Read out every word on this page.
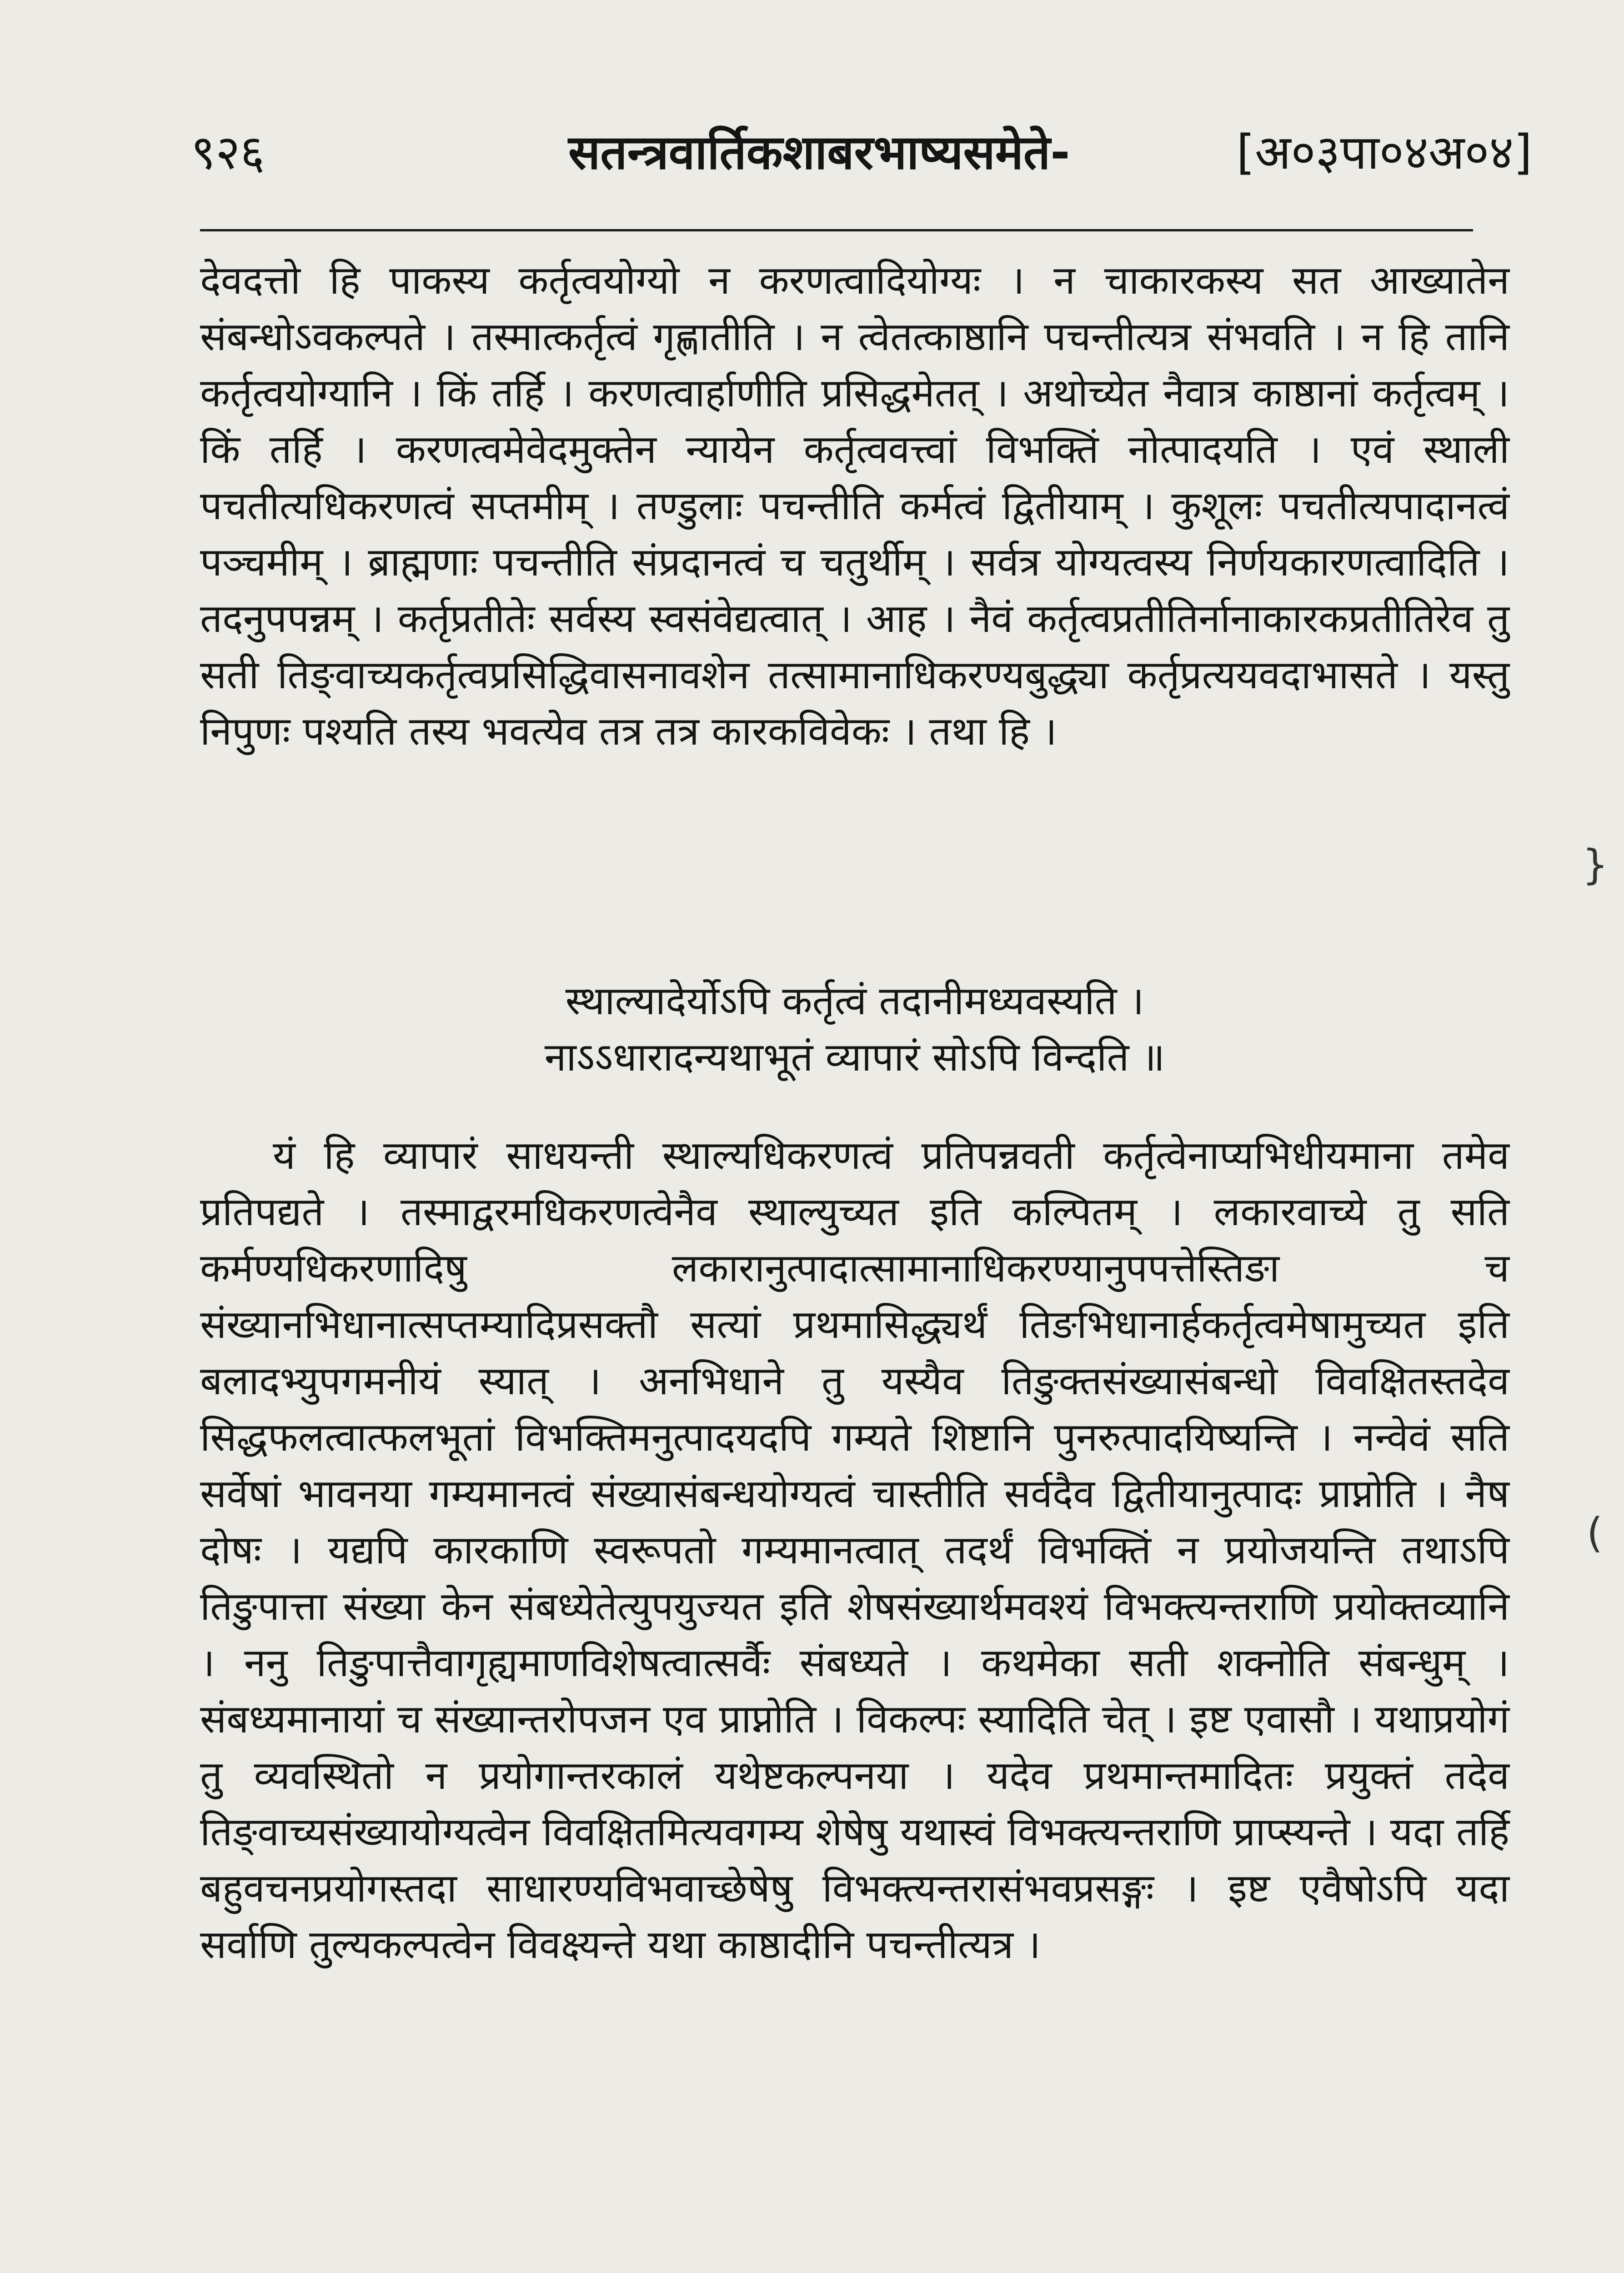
९२६	सतन्त्रवार्तिकशाबरभाष्यसमेते-	[अ०३पा०४अ०४]
देवदत्तो हि पाकस्य कर्तृत्वयोग्यो न करणत्वादियोग्यः । न चाकारकस्य सत आख्यातेन संबन्धोऽवकल्पते । तस्मात्कर्तृत्वं गृह्णातीति । न त्वेतत्काष्ठानि पचन्तीत्यत्र संभवति । न हि तानि कर्तृत्वयोग्यानि । किं तर्हि । करणत्वार्हाणीति प्रसिद्धमेतत् । अथोच्येत नैवात्र काष्ठानां कर्तृत्वम् । किं तर्हि । करणत्वमेवेदमुक्तेन न्यायेन कर्तृत्ववत्त्वां विभक्तिं नोत्पादयति । एवं स्थाली पचतीत्यधिकरणत्वं सप्तमीम् । तण्डुलाः पचन्तीति कर्मत्वं द्वितीयाम् । कुशूलः पचतीत्यपादानत्वं पञ्चमीम् । ब्राह्मणाः पचन्तीति संप्रदानत्वं च चतुर्थीम् । सर्वत्र योग्यत्वस्य निर्णयकारणत्वादिति । तदनुपपन्नम् । कर्तृप्रतीतेः सर्वस्य स्वसंवेद्यत्वात् । आह । नैवं कर्तृत्वप्रतीतिर्नानाकारकप्रतीतिरेव तु सती तिङ्वाच्यकर्तृत्वप्रसिद्धिवासनावशेन तत्सामानाधिकरण्यबुद्ध्या कर्तृप्रत्ययवदाभासते । यस्तु निपुणः पश्यति तस्य भवत्येव तत्र तत्र कारकविवेकः । तथा हि ।
स्थाल्यादेर्योऽपि कर्तृत्वं तदानीमध्यवस्यति ।
नाऽऽधारादन्यथाभूतं व्यापारं सोऽपि विन्दति ॥
यं हि व्यापारं साधयन्ती स्थाल्यधिकरणत्वं प्रतिपन्नवती कर्तृत्वेनाप्यभिधीयमाना तमेव प्रतिपद्यते । तस्माद्वरमधिकरणत्वेनैव स्थाल्युच्यत इति कल्पितम् । लकारवाच्ये तु सति कर्मण्यधिकरणादिषु लकारानुत्पादात्सामानाधिकरण्यानुपपत्तेस्तिङा च संख्यानभिधानात्सप्तम्यादिप्रसक्तौ सत्यां प्रथमासिद्ध्यर्थं तिङभिधानार्हकर्तृत्वमेषामुच्यत इति बलादभ्युपगमनीयं स्यात् । अनभिधाने तु यस्यैव तिङुक्तसंख्यासंबन्धो विवक्षितस्तदेव सिद्धफलत्वात्फलभूतां विभक्तिमनुत्पादयदपि गम्यते शिष्टानि पुनरुत्पादयिष्यन्ति । नन्वेवं सति सर्वेषां भावनया गम्यमानत्वं संख्यासंबन्धयोग्यत्वं चास्तीति सर्वदैव द्वितीयानुत्पादः प्राप्नोति । नैष दोषः । यद्यपि कारकाणि स्वरूपतो गम्यमानत्वात् तदर्थं विभक्तिं न प्रयोजयन्ति तथाऽपि तिङुपात्ता संख्या केन संबध्येतेत्युपयुज्यत इति शेषसंख्यार्थमवश्यं विभक्त्यन्तराणि प्रयोक्तव्यानि । ननु तिङुपात्तैवागृह्यमाणविशेषत्वात्सर्वैः संबध्यते । कथमेका सती शक्नोति संबन्धुम् । संबध्यमानायां च संख्यान्तरोपजन एव प्राप्नोति । विकल्पः स्यादिति चेत् । इष्ट एवासौ । यथाप्रयोगं तु व्यवस्थितो न प्रयोगान्तरकालं यथेष्टकल्पनया । यदेव प्रथमान्तमादितः प्रयुक्तं तदेव तिङ्वाच्यसंख्यायोग्यत्वेन विवक्षितमित्यवगम्य शेषेषु यथास्वं विभक्त्यन्तराणि प्राप्स्यन्ते । यदा तर्हि बहुवचनप्रयोगस्तदा साधारण्यविभवाच्छेषेषु विभक्त्यन्तरासंभवप्रसङ्गः । इष्ट एवैषोऽपि यदा सर्वाणि तुल्यकल्पत्वेन विवक्ष्यन्ते यथा काष्ठादीनि पचन्तीत्यत्र ।
}
(
